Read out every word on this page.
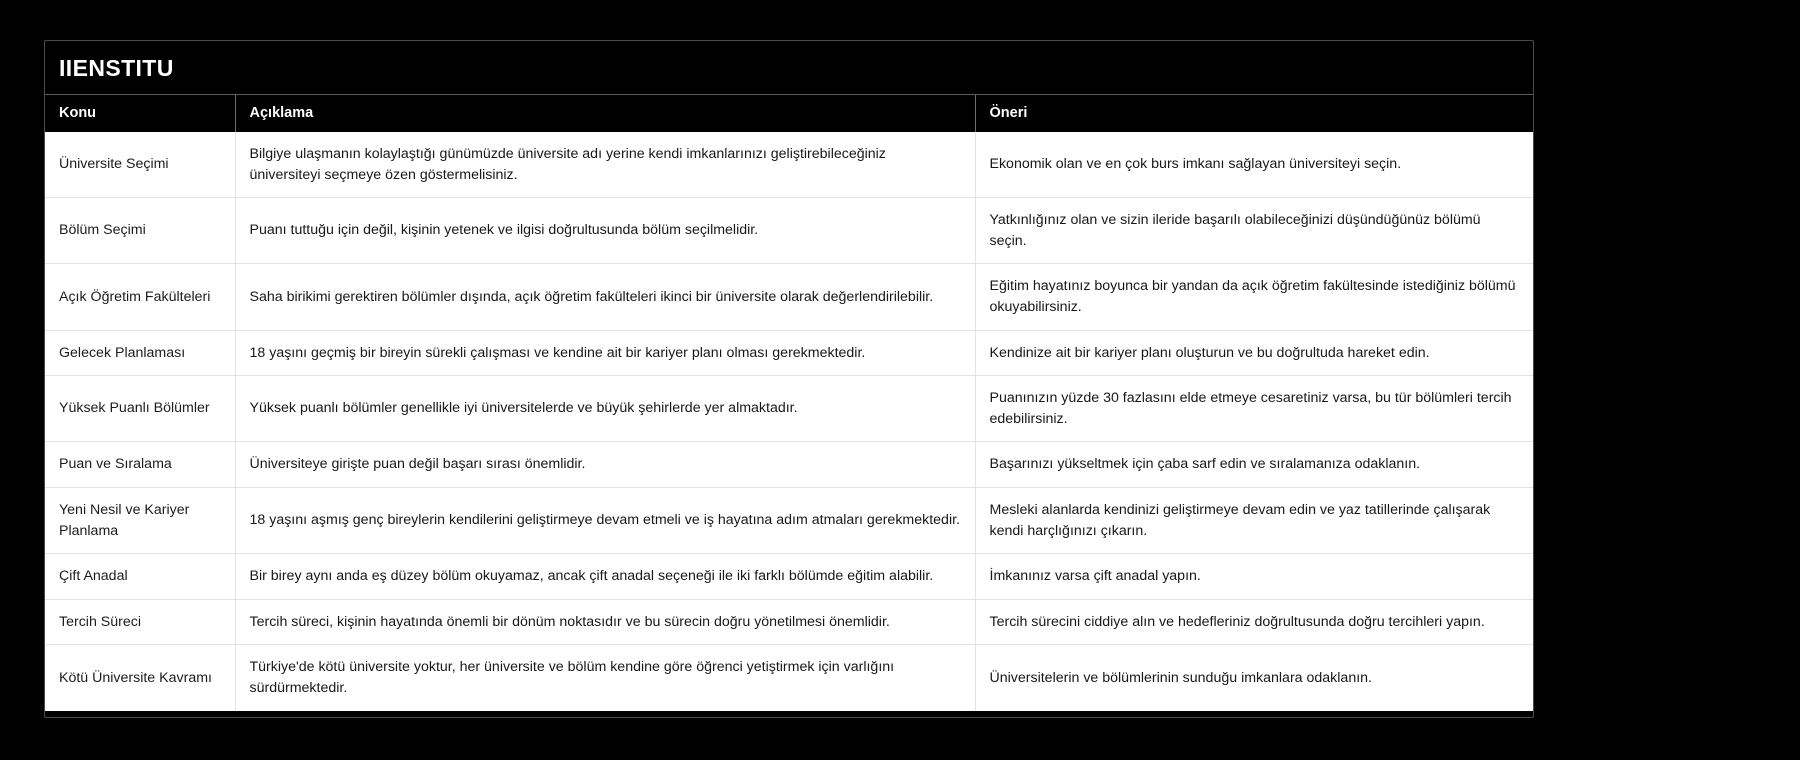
IIENSTITU
Konu	Açıklama	Öneri
Üniversite Seçimi	Bilgiye ulaşmanın kolaylaştığı günümüzde üniversite adı yerine kendi imkanlarınızı geliştirebileceğiniz üniversiteyi seçmeye özen göstermelisiniz.	Ekonomik olan ve en çok burs imkanı sağlayan üniversiteyi seçin.
Bölüm Seçimi	Puanı tuttuğu için değil, kişinin yetenek ve ilgisi doğrultusunda bölüm seçilmelidir.	Yatkınlığınız olan ve sizin ileride başarılı olabileceğinizi düşündüğünüz bölümü seçin.
Açık Öğretim Fakülteleri	Saha birikimi gerektiren bölümler dışında, açık öğretim fakülteleri ikinci bir üniversite olarak değerlendirilebilir.	Eğitim hayatınız boyunca bir yandan da açık öğretim fakültesinde istediğiniz bölümü okuyabilirsiniz.
Gelecek Planlaması	18 yaşını geçmiş bir bireyin sürekli çalışması ve kendine ait bir kariyer planı olması gerekmektedir.	Kendinize ait bir kariyer planı oluşturun ve bu doğrultuda hareket edin.
Yüksek Puanlı Bölümler	Yüksek puanlı bölümler genellikle iyi üniversitelerde ve büyük şehirlerde yer almaktadır.	Puanınızın yüzde 30 fazlasını elde etmeye cesaretiniz varsa, bu tür bölümleri tercih edebilirsiniz.
Puan ve Sıralama	Üniversiteye girişte puan değil başarı sırası önemlidir.	Başarınızı yükseltmek için çaba sarf edin ve sıralamanıza odaklanın.
Yeni Nesil ve Kariyer Planlama	18 yaşını aşmış genç bireylerin kendilerini geliştirmeye devam etmeli ve iş hayatına adım atmaları gerekmektedir.	Mesleki alanlarda kendinizi geliştirmeye devam edin ve yaz tatillerinde çalışarak kendi harçlığınızı çıkarın.
Çift Anadal	Bir birey aynı anda eş düzey bölüm okuyamaz, ancak çift anadal seçeneği ile iki farklı bölümde eğitim alabilir.	İmkanınız varsa çift anadal yapın.
Tercih Süreci	Tercih süreci, kişinin hayatında önemli bir dönüm noktasıdır ve bu sürecin doğru yönetilmesi önemlidir.	Tercih sürecini ciddiye alın ve hedefleriniz doğrultusunda doğru tercihleri yapın.
Kötü Üniversite Kavramı	Türkiye'de kötü üniversite yoktur, her üniversite ve bölüm kendine göre öğrenci yetiştirmek için varlığını sürdürmektedir.	Üniversitelerin ve bölümlerinin sunduğu imkanlara odaklanın.
